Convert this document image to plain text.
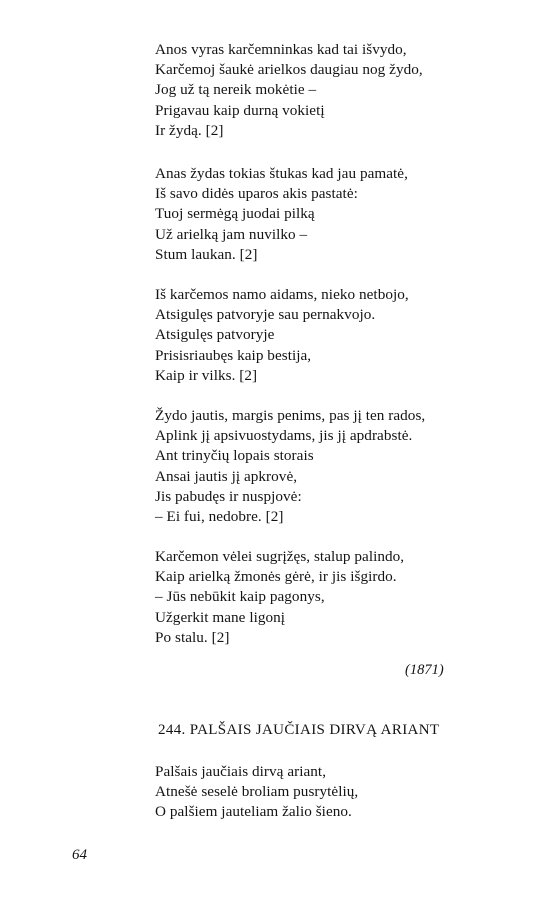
Anos vyras karčemninkas kad tai išvydo,
Karčemoj šaukė arielkos daugiau nog žydo,
Jog už tą nereik mokėtie –
Prigavau kaip durną vokietį
Ir žydą. [2]
Anas žydas tokias štukas kad jau pamatė,
Iš savo didės uparos akis pastatė:
Tuoj sermėgą juodai pilką
Už arielką jam nuvilko –
Stum laukan. [2]
Iš karčemos namo aidams, nieko netbojo,
Atsigulęs patvoryje sau pernakvojo.
Atsigulęs patvoryje
Prisisriaubęs kaip bestija,
Kaip ir vilks. [2]
Žydo jautis, margis penims, pas jį ten rados,
Aplink jį apsivuostydams, jis jį apdrabstė.
Ant trinyčių lopais storais
Ansai jautis jį apkrovė,
Jis pabudęs ir nuspjovė:
– Ei fui, nedobre. [2]
Karčemon vėlei sugrįžęs, stalup palindo,
Kaip arielką žmonės gėrė, ir jis išgirdo.
– Jūs nebūkit kaip pagonys,
Užgerkit mane ligonį
Po stalu. [2]
(1871)
244. PALŠAIS JAUČIAIS DIRVĄ ARIANT
Palšais jaučiais dirvą ariant,
Atnešė seselė broliam pusrytėlių,
O palšiem jauteliam žalio šieno.
64
